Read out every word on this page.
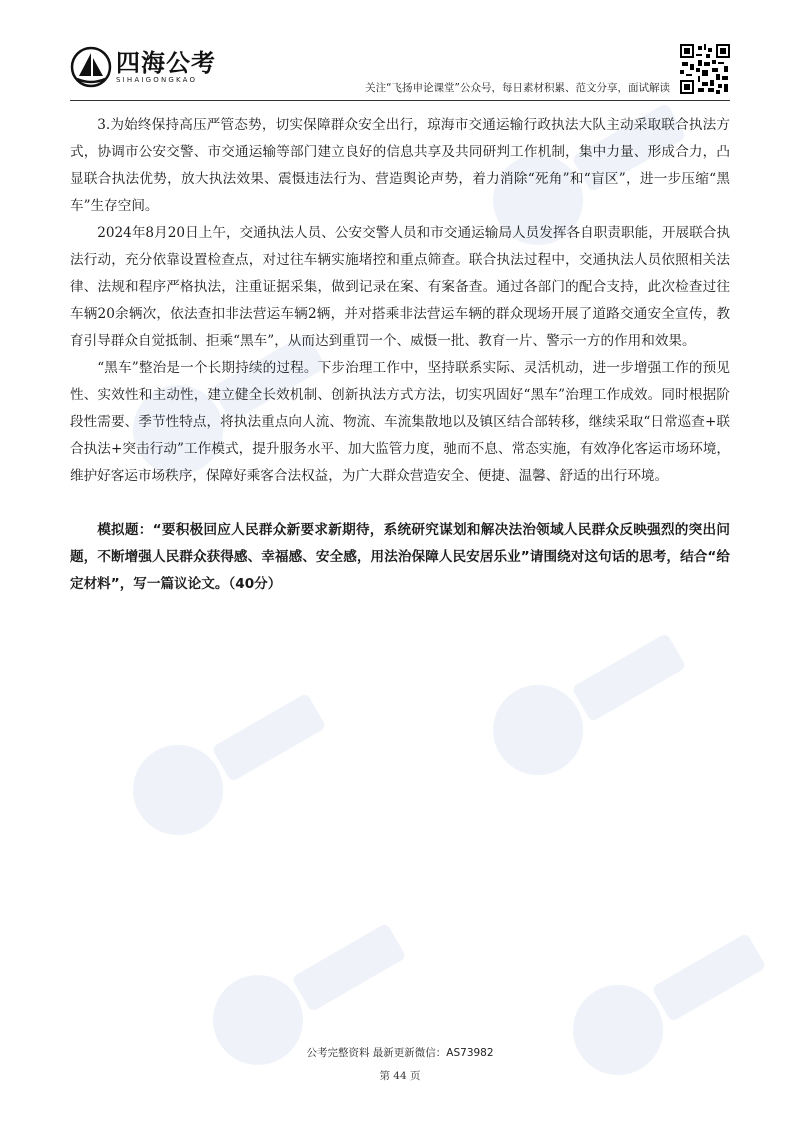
四海公考
SIHAIGONGKAO
关注“飞扬申论课堂”公众号，每日素材积累、范文分享，面试解读

3.为始终保持高压严管态势，切实保障群众安全出行，琼海市交通运输行政执法大队主动采取联合执法方式，协调市公安交警、市交通运输等部门建立良好的信息共享及共同研判工作机制，集中力量、形成合力，凸显联合执法优势，放大执法效果、震慑违法行为、营造舆论声势，着力消除“死角”和“盲区”，进一步压缩“黑车”生存空间。

2024年8月20日上午，交通执法人员、公安交警人员和市交通运输局人员发挥各自职责职能，开展联合执法行动，充分依靠设置检查点，对过往车辆实施堵控和重点筛查。联合执法过程中，交通执法人员依照相关法律、法规和程序严格执法，注重证据采集，做到记录在案、有案备查。通过各部门的配合支持，此次检查过往车辆20余辆次，依法查扣非法营运车辆2辆，并对搭乘非法营运车辆的群众现场开展了道路交通安全宣传，教育引导群众自觉抵制、拒乘“黑车”，从而达到重罚一个、威慑一批、教育一片、警示一方的作用和效果。

“黑车”整治是一个长期持续的过程。下步治理工作中，坚持联系实际、灵活机动，进一步增强工作的预见性、实效性和主动性，建立健全长效机制、创新执法方式方法，切实巩固好“黑车”治理工作成效。同时根据阶段性需要、季节性特点，将执法重点向人流、物流、车流集散地以及镇区结合部转移，继续采取“日常巡查+联合执法+突击行动”工作模式，提升服务水平、加大监管力度，驰而不息、常态实施，有效净化客运市场环境，维护好客运市场秩序，保障好乘客合法权益，为广大群众营造安全、便捷、温馨、舒适的出行环境。

模拟题：“要积极回应人民群众新要求新期待，系统研究谋划和解决法治领域人民群众反映强烈的突出问题，不断增强人民群众获得感、幸福感、安全感，用法治保障人民安居乐业”请围绕对这句话的思考，结合“给定材料”，写一篇议论文。（40分）

公考完整资料 最新更新微信：AS73982
第 44 页
